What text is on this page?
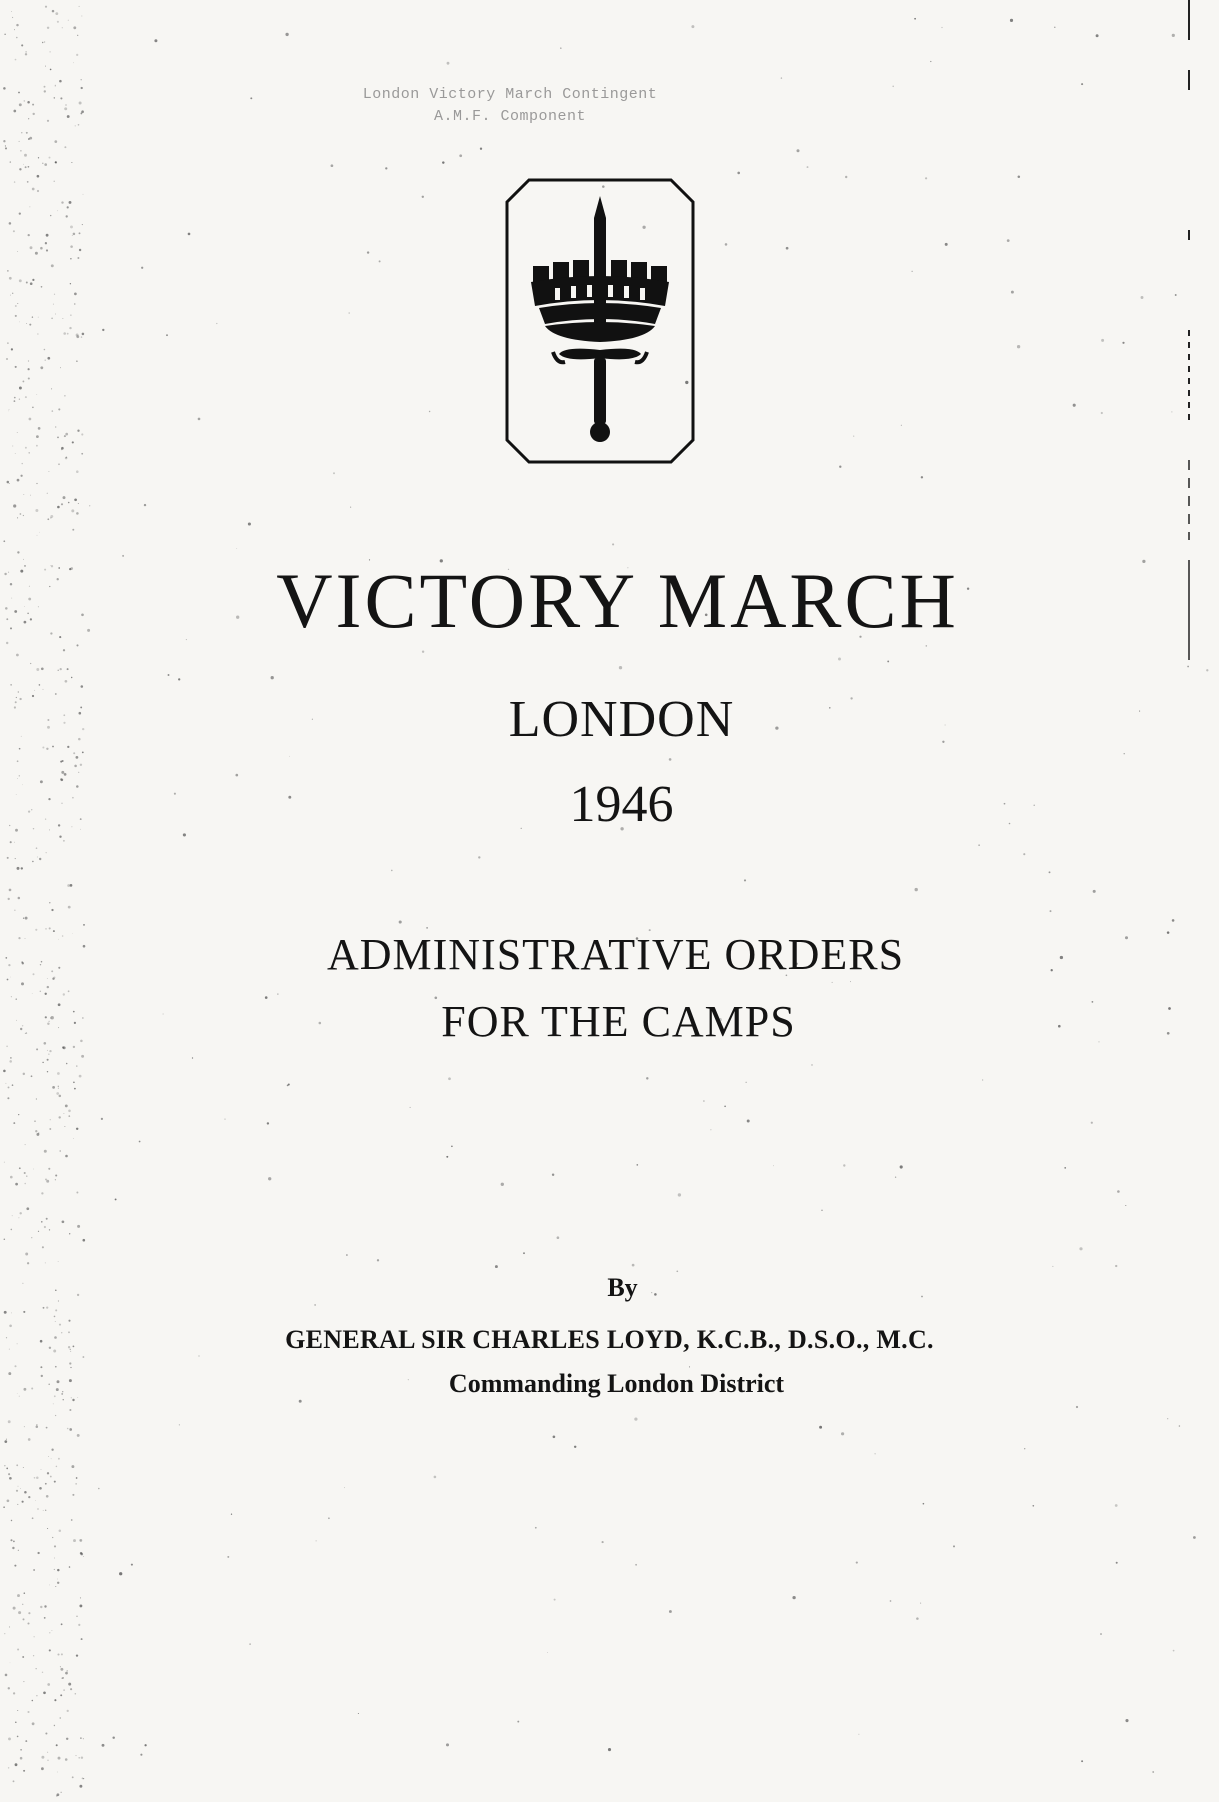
London Victory March Contingent
A.M.F. Component
VICTORY MARCH
LONDON
1946
ADMINISTRATIVE ORDERS
FOR THE CAMPS
By
GENERAL SIR CHARLES LOYD, K.C.B., D.S.O., M.C.
Commanding London District
